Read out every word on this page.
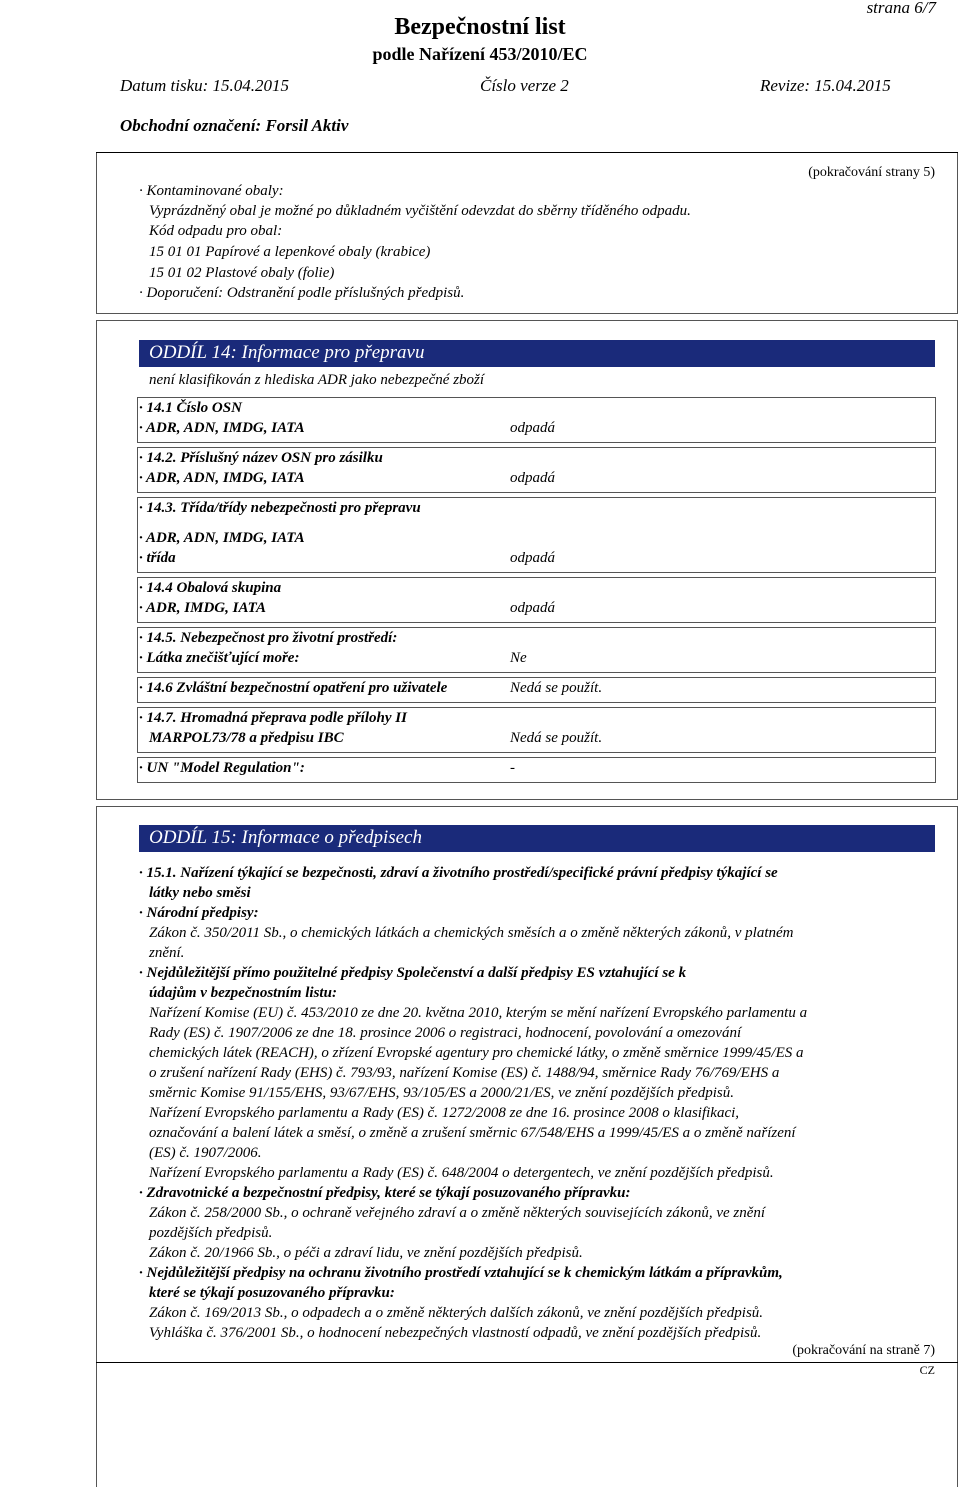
strana 6/7
Bezpečnostní list
podle Nařízení 453/2010/EC
Datum tisku: 15.04.2015	Číslo verze 2	Revize: 15.04.2015
Obchodní označení: Forsil Aktiv
(pokračování strany 5)
· Kontaminované obaly:
Vyprázdněný obal je možné po důkladném vyčištění odevzdat do sběrny tříděného odpadu.
Kód odpadu pro obal:
15 01 01 Papírové a lepenkové obaly (krabice)
15 01 02 Plastové obaly (folie)
· Doporučení: Odstranění podle příslušných předpisů.
ODDÍL 14: Informace pro přepravu
není klasifikován z hlediska ADR jako nebezpečné zboží
· 14.1 Číslo OSN
· ADR, ADN, IMDG, IATA	odpadá
· 14.2. Příslušný název OSN pro zásilku
· ADR, ADN, IMDG, IATA	odpadá
· 14.3. Třída/třídy nebezpečnosti pro přepravu
· ADR, ADN, IMDG, IATA
· třída	odpadá
· 14.4 Obalová skupina
· ADR, IMDG, IATA	odpadá
· 14.5. Nebezpečnost pro životní prostředí:
· Látka znečišťující moře:	Ne
· 14.6 Zvláštní bezpečnostní opatření pro uživatele	Nedá se použít.
· 14.7. Hromadná přeprava podle přílohy II
MARPOL73/78 a předpisu IBC	Nedá se použít.
· UN "Model Regulation":	-
ODDÍL 15: Informace o předpisech
· 15.1. Nařízení týkající se bezpečnosti, zdraví a životního prostředí/specifické právní předpisy týkající se
látky nebo směsi
· Národní předpisy:
Zákon č. 350/2011 Sb., o chemických látkách a chemických směsích a o změně některých zákonů, v platném
znění.
· Nejdůležitější přímo použitelné předpisy Společenství a další předpisy ES vztahující se k
údajům v bezpečnostním listu:
Nařízení Komise (EU) č. 453/2010 ze dne 20. května 2010, kterým se mění nařízení Evropského parlamentu a
Rady (ES) č. 1907/2006 ze dne 18. prosince 2006 o registraci, hodnocení, povolování a omezování
chemických látek (REACH), o zřízení Evropské agentury pro chemické látky, o změně směrnice 1999/45/ES a
o zrušení nařízení Rady (EHS) č. 793/93, nařízení Komise (ES) č. 1488/94, směrnice Rady 76/769/EHS a
směrnic Komise 91/155/EHS, 93/67/EHS, 93/105/ES a 2000/21/ES, ve znění pozdějších předpisů.
Nařízení Evropského parlamentu a Rady (ES) č. 1272/2008 ze dne 16. prosince 2008 o klasifikaci,
označování a balení látek a směsí, o změně a zrušení směrnic 67/548/EHS a 1999/45/ES a o změně nařízení
(ES) č. 1907/2006.
Nařízení Evropského parlamentu a Rady (ES) č. 648/2004 o detergentech, ve znění pozdějších předpisů.
· Zdravotnické a bezpečnostní předpisy, které se týkají posuzovaného přípravku:
Zákon č. 258/2000 Sb., o ochraně veřejného zdraví a o změně některých souvisejících zákonů, ve znění
pozdějších předpisů.
Zákon č. 20/1966 Sb., o péči a zdraví lidu, ve znění pozdějších předpisů.
· Nejdůležitější předpisy na ochranu životního prostředí vztahující se k chemickým látkám a přípravkům,
které se týkají posuzovaného přípravku:
Zákon č. 169/2013 Sb., o odpadech a o změně některých dalších zákonů, ve znění pozdějších předpisů.
Vyhláška č. 376/2001 Sb., o hodnocení nebezpečných vlastností odpadů, ve znění pozdějších předpisů.
(pokračování na straně 7)
CZ
